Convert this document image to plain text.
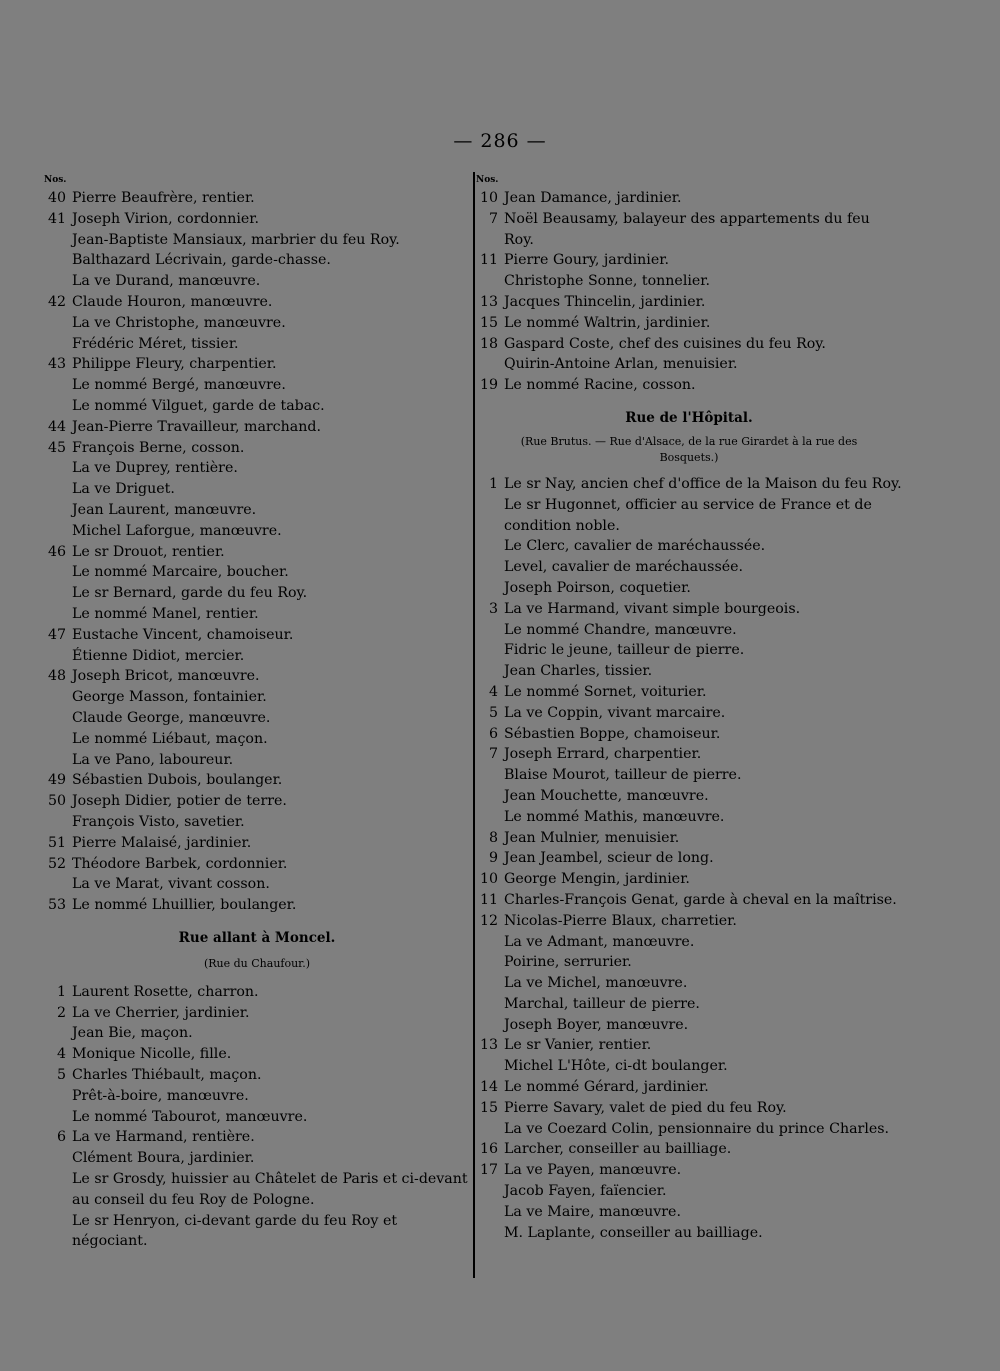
— 286 —
Nos.
40 Pierre Beaufrère, rentier.
41 Joseph Virion, cordonnier.
Jean-Baptiste Mansiaux, marbrier du feu Roy.
Balthazard Lécrivain, garde-chasse.
La ve Durand, manœuvre.
42 Claude Houron, manœuvre.
La ve Christophe, manœuvre.
Frédéric Méret, tissier.
43 Philippe Fleury, charpentier.
Le nommé Bergé, manœuvre.
Le nommé Vilguet, garde de tabac.
44 Jean-Pierre Travailleur, marchand.
45 François Berne, cosson.
La ve Duprey, rentière.
La ve Driguet.
Jean Laurent, manœuvre.
Michel Laforgue, manœuvre.
46 Le sr Drouot, rentier.
Le nommé Marcaire, boucher.
Le sr Bernard, garde du feu Roy.
Le nommé Manel, rentier.
47 Eustache Vincent, chamoiseur.
Étienne Didiot, mercier.
48 Joseph Bricot, manœuvre.
George Masson, fontainier.
Claude George, manœuvre.
Le nommé Liébaut, maçon.
La ve Pano, laboureur.
49 Sébastien Dubois, boulanger.
50 Joseph Didier, potier de terre.
François Visto, savetier.
51 Pierre Malaisé, jardinier.
52 Théodore Barbek, cordonnier.
La ve Marat, vivant cosson.
53 Le nommé Lhuillier, boulanger.
Rue allant à Moncel.
(Rue du Chaufour.)
1 Laurent Rosette, charron.
2 La ve Cherrier, jardinier.
Jean Bie, maçon.
4 Monique Nicolle, fille.
5 Charles Thiébault, maçon.
Prêt-à-boire, manœuvre.
Le nommé Tabourot, manœuvre.
6 La ve Harmand, rentière.
Clément Boura, jardinier.
Le sr Grosdy, huissier au Châtelet de Paris et ci-devant au conseil du feu Roy de Pologne.
Le sr Henryon, ci-devant garde du feu Roy et négociant.
Nos.
10 Jean Damance, jardinier.
7 Noël Beausamy, balayeur des appartements du feu Roy.
11 Pierre Goury, jardinier.
Christophe Sonne, tonnelier.
13 Jacques Thincelin, jardinier.
15 Le nommé Waltrin, jardinier.
18 Gaspard Coste, chef des cuisines du feu Roy.
Quirin-Antoine Arlan, menuisier.
19 Le nommé Racine, cosson.
Rue de l'Hôpital.
(Rue Brutus. — Rue d'Alsace, de la rue Girardet à la rue des Bosquets.)
1 Le sr Nay, ancien chef d'office de la Maison du feu Roy.
Le sr Hugonnet, officier au service de France et de condition noble.
Le Clerc, cavalier de maréchaussée.
Level, cavalier de maréchaussée.
Joseph Poirson, coquetier.
3 La ve Harmand, vivant simple bourgeois.
Le nommé Chandre, manœuvre.
Fidric le jeune, tailleur de pierre.
Jean Charles, tissier.
4 Le nommé Sornet, voiturier.
5 La ve Coppin, vivant marcaire.
6 Sébastien Boppe, chamoiseur.
7 Joseph Errard, charpentier.
Blaise Mourot, tailleur de pierre.
Jean Mouchette, manœuvre.
Le nommé Mathis, manœuvre.
8 Jean Mulnier, menuisier.
9 Jean Jeambel, scieur de long.
10 George Mengin, jardinier.
11 Charles-François Genat, garde à cheval en la maîtrise.
12 Nicolas-Pierre Blaux, charretier.
La ve Admant, manœuvre.
Poirine, serrurier.
La ve Michel, manœuvre.
Marchal, tailleur de pierre.
Joseph Boyer, manœuvre.
13 Le sr Vanier, rentier.
Michel L'Hôte, ci-dt boulanger.
14 Le nommé Gérard, jardinier.
15 Pierre Savary, valet de pied du feu Roy.
La ve Coezard Colin, pensionnaire du prince Charles.
16 Larcher, conseiller au bailliage.
17 La ve Payen, manœuvre.
Jacob Fayen, faïencier.
La ve Maire, manœuvre.
M. Laplante, conseiller au bailliage.
